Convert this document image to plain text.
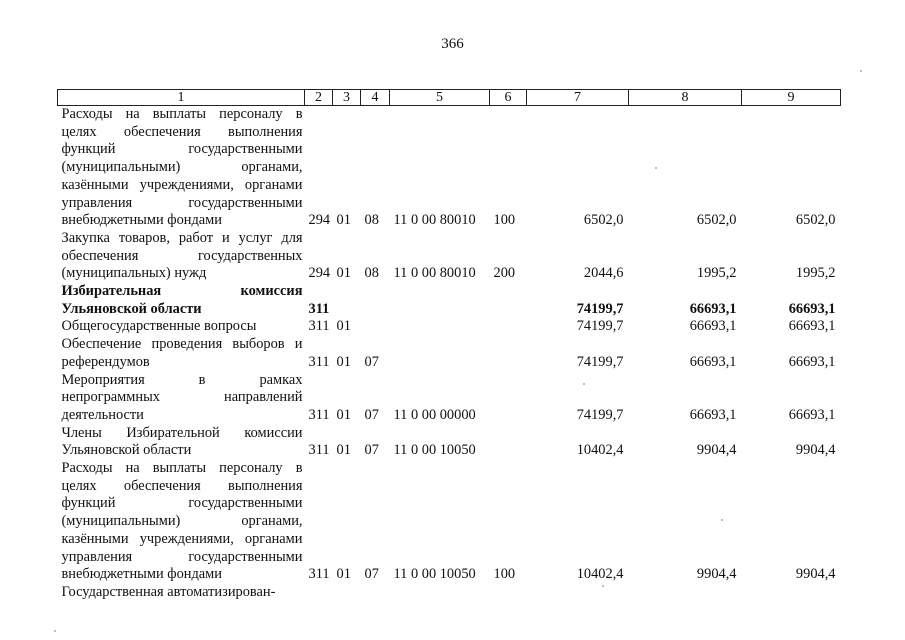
366
1	2	3	4	5	6	7	8	9
Расходы на выплаты персоналу в целях обеспечения выполнения функций государственными (муниципальными) органами, казёнными учреждениями, органами управления государственными внебюджетными фондами	294	01	08	11 0 00 80010	100	6502,0	6502,0	6502,0
Закупка товаров, работ и услуг для обеспечения государственных (муниципальных) нужд	294	01	08	11 0 00 80010	200	2044,6	1995,2	1995,2
Избирательная комиссия Ульяновской области	311					74199,7	66693,1	66693,1
Общегосударственные вопросы	311	01				74199,7	66693,1	66693,1
Обеспечение проведения выборов и референдумов	311	01	07			74199,7	66693,1	66693,1
Мероприятия в рамках непрограммных направлений деятельности	311	01	07	11 0 00 00000		74199,7	66693,1	66693,1
Члены Избирательной комиссии Ульяновской области	311	01	07	11 0 00 10050		10402,4	9904,4	9904,4
Расходы на выплаты персоналу в целях обеспечения выполнения функций государственными (муниципальными) органами, казёнными учреждениями, органами управления государственными внебюджетными фондами	311	01	07	11 0 00 10050	100	10402,4	9904,4	9904,4
Государственная автоматизирован-								
